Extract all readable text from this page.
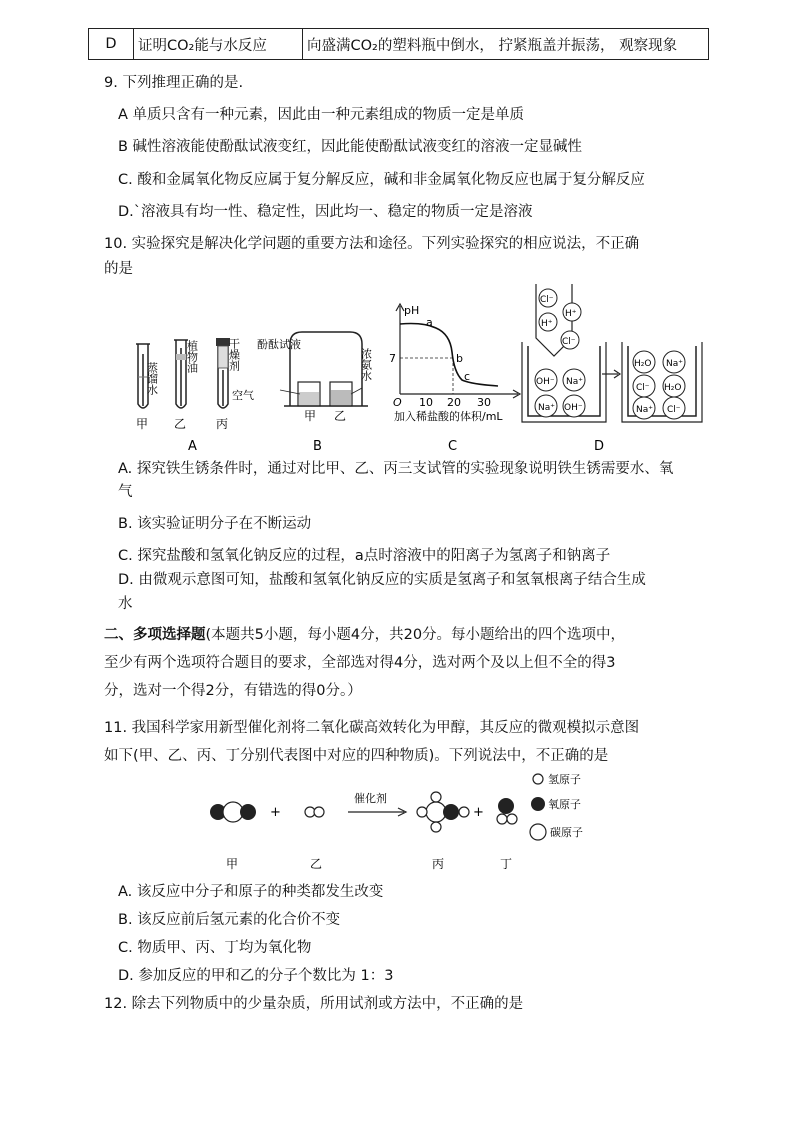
D	证明CO₂能与水反应	向盛满CO₂的塑料瓶中倒水， 拧紧瓶盖并振荡， 观察现象
9. 下列推理正确的是.
A 单质只含有一种元素，因此由一种元素组成的物质一定是单质
B 碱性溶液能使酚酞试液变红，因此能使酚酞试液变红的溶液一定显碱性
C. 酸和金属氧化物反应属于复分解反应，碱和非金属氧化物反应也属于复分解反应
D.`溶液具有均一性、稳定性，因此均一、稳定的物质一定是溶液
10. 实验探究是解决化学问题的重要方法和途径。下列实验探究的相应说法，不正确
的是
蒸馏水
植物油	干燥剂
空气
甲 乙 丙
A
酚酞试液
浓氨水
甲 乙
B
pH
7
O 10 20 30
加入稀盐酸的体积/mL
a
b
c
C
Cl⁻
H⁺
H⁺
Cl⁻
OH⁻ Na⁺
Na⁺ OH⁻
H₂O Na⁺
Cl⁻ H₂O
Na⁺ Cl⁻
D
A. 探究铁生锈条件时，通过对比甲、乙、丙三支试管的实验现象说明铁生锈需要水、氧
气
B. 该实验证明分子在不断运动
C. 探究盐酸和氢氧化钠反应的过程，a点时溶液中的阳离子为氢离子和钠离子
D. 由微观示意图可知，盐酸和氢氧化钠反应的实质是氢离子和氢氧根离子结合生成
水
二、多项选择题(本题共5小题，每小题4分，共20分。每小题给出的四个选项中，
至少有两个选项符合题目的要求，全部选对得4分，选对两个及以上但不全的得3
分，选对一个得2分，有错选的得0分。）
11. 我国科学家用新型催化剂将二氧化碳高效转化为甲醇，其反应的微观模拟示意图
如下(甲、乙、丙、丁分别代表图中对应的四种物质)。下列说法中，不正确的是
+
催化剂
+
氢原子
氧原子
碳原子
甲	乙	丙	丁
A. 该反应中分子和原子的种类都发生改变
B. 该反应前后氢元素的化合价不变
C. 物质甲、丙、丁均为氧化物
D. 参加反应的甲和乙的分子个数比为 1：3
12. 除去下列物质中的少量杂质，所用试剂或方法中，不正确的是
